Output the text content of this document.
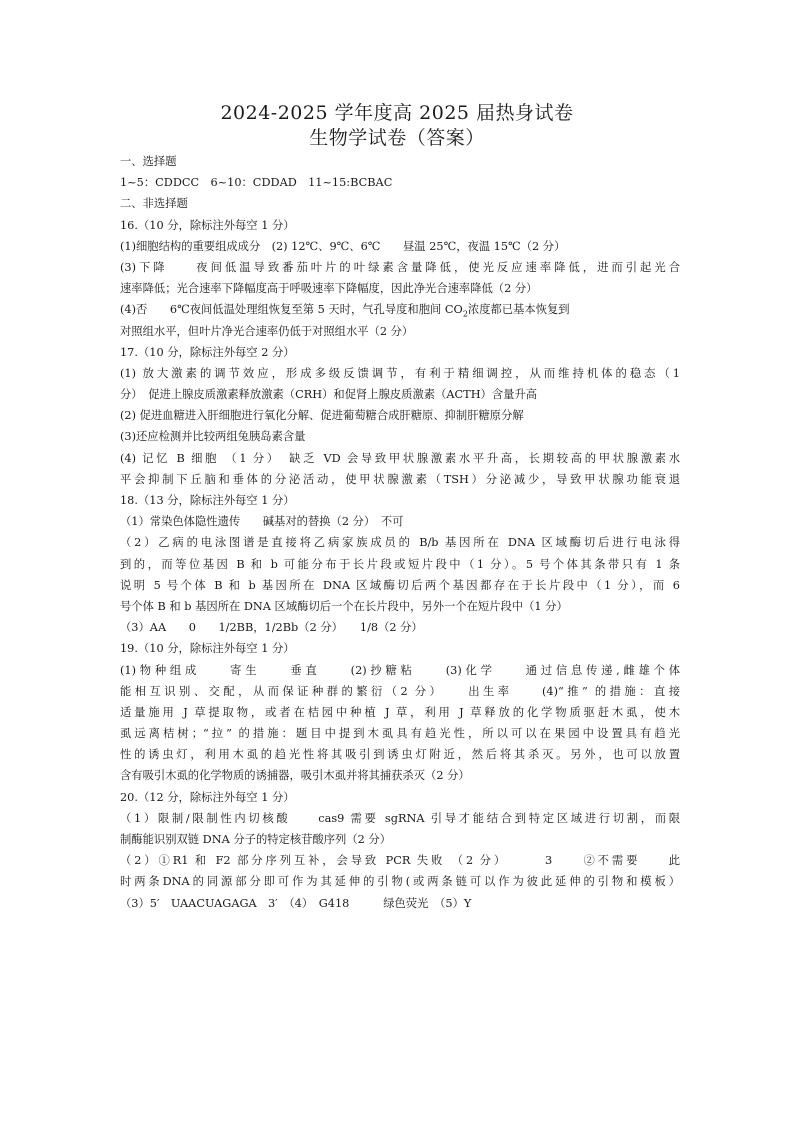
2024-2025 学年度高 2025 届热身试卷
生物学试卷（答案）
一、选择题
1~5：CDDCC　6~10：CDDAD　11~15:BCBAC
二、非选择题
16.（10 分，除标注外每空 1 分）
(1)细胞结构的重要组成成分　(2) 12℃、9℃、6℃　　昼温 25℃，夜温 15℃（2 分）
(3)下降　　夜间低温导致番茄叶片的叶绿素含量降低，使光反应速率降低，进而引起光合
速率降低；光合速率下降幅度高于呼吸速率下降幅度，因此净光合速率降低（2 分）
(4)否　　6℃夜间低温处理组恢复至第 5 天时，气孔导度和胞间 $CO_2$浓度都已基本恢复到
对照组水平，但叶片净光合速率仍低于对照组水平（2 分）
17.（10 分，除标注外每空 2 分）
(1) 放大激素的调节效应，形成多级反馈调节，有利于精细调控，从而维持机体的稳态（1
分）　促进上腺皮质激素释放激素（CRH）和促肾上腺皮质激素（ACTH）含量升高
(2) 促进血糖进入肝细胞进行氧化分解、促进葡萄糖合成肝糖原、抑制肝糖原分解
(3)还应检测并比较两组兔胰岛素含量
(4) 记忆 B 细胞 （1 分）　缺乏 VD 会导致甲状腺激素水平升高，长期较高的甲状腺激素水
平会抑制下丘脑和垂体的分泌活动，使甲状腺激素（TSH）分泌减少，导致甲状腺功能衰退
18.（13 分，除标注外每空 1 分）
（1）常染色体隐性遗传　　碱基对的替换（2 分）　不可
（2）乙病的电泳图谱是直接将乙病家族成员的 B/b 基因所在 DNA 区域酶切后进行电泳得
到的，而等位基因 B 和 b 可能分布于长片段或短片段中（1 分）。5 号个体其条带只有 1 条
说明 5 号个体 B 和 b 基因所在 DNA 区域酶切后两个基因都存在于长片段中（1 分），而 6
号个体 B 和 b 基因所在 DNA 区域酶切后一个在长片段中，另外一个在短片段中（1 分）
（3）AA　　0　　1/2BB，1/2Bb（2 分）　　1/8（2 分）
19.（10 分，除标注外每空 1 分）
(1)物种组成　　寄生　　垂直　　(2)抄糖粘　　(3)化学　　通过信息传递,雌雄个体
能相互识别、交配，从而保证种群的繁衍（2 分）　　出生率　　(4)“推” 的措施：直接
适量施用 J 草提取物，或者在桔园中种植 J 草，利用 J 草释放的化学物质驱赶木虱，使木
虱远离桔树；“拉” 的措施：题目中提到木虱具有趋光性，所以可以在果园中设置具有趋光
性的诱虫灯，利用木虱的趋光性将其吸引到诱虫灯附近，然后将其杀灭。另外，也可以放置
含有吸引木虱的化学物质的诱捕器，吸引木虱并将其捕获杀灭（2 分）
20.（12 分，除标注外每空 1 分）
（1）限制/限制性内切核酸　　cas9 需要 sgRNA 引导才能结合到特定区域进行切割，而限
制酶能识别双链 DNA 分子的特定核苷酸序列（2 分）
（2）①R1 和 F2 部分序列互补，会导致 PCR 失败 （2 分）　　　3　　②不需要　　此
时两条DNA的同源部分即可作为其延伸的引物(或两条链可以作为彼此延伸的引物和模板）
（3）5′　UAACUAGAGA　3′　（4）　G418　　　绿色荧光　（5）Y
